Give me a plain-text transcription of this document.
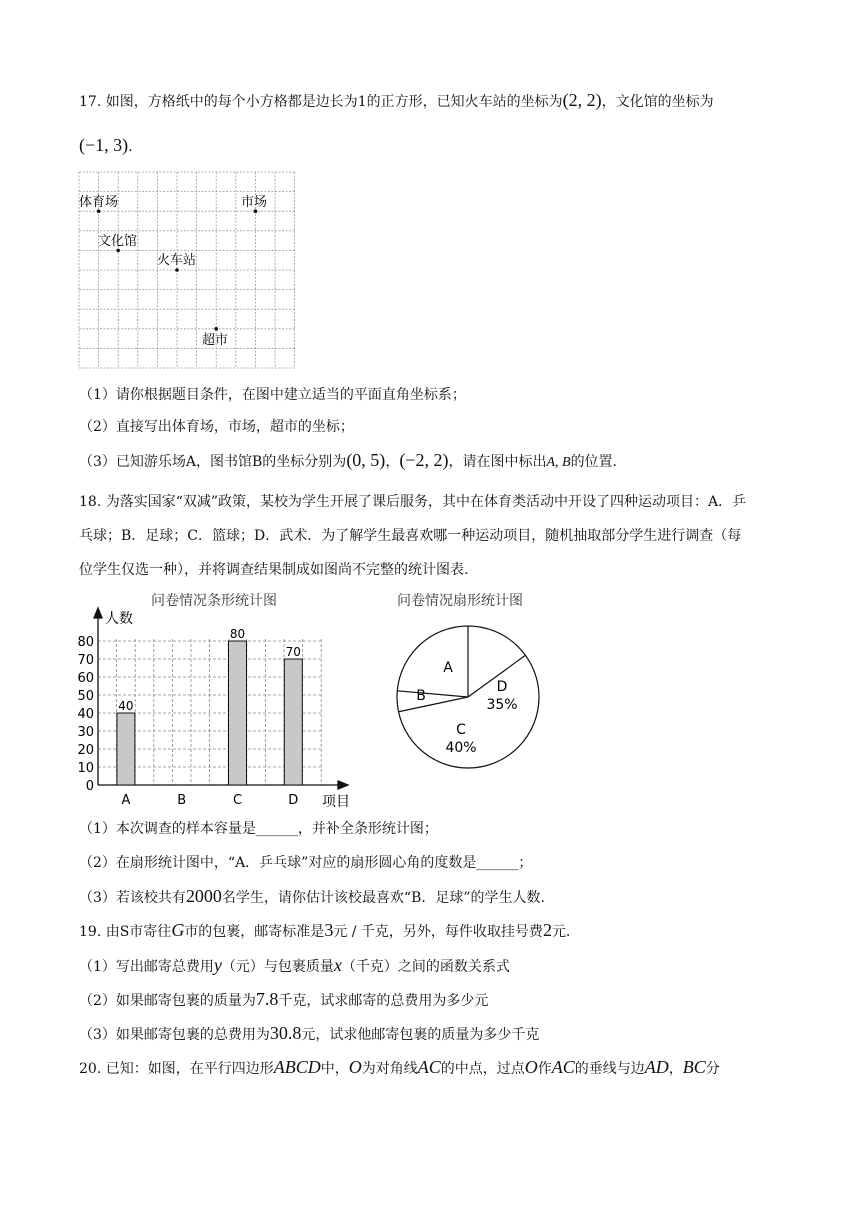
17. 如图，方格纸中的每个小方格都是边长为1的正方形，已知火车站的坐标为(2, 2)，文化馆的坐标为
(−1, 3).
体育场	市场
文化馆
火车站
超市
（1）请你根据题目条件，在图中建立适当的平面直角坐标系；
（2）直接写出体育场，市场，超市的坐标；
（3）已知游乐场A，图书馆B的坐标分别为(0, 5)，(−2, 2)，请在图中标出A, B的位置.
18. 为落实国家“双减”政策，某校为学生开展了课后服务，其中在体育类活动中开设了四种运动项目：A．乒
乓球；B．足球；C．篮球；D．武术．为了解学生最喜欢哪一种运动项目，随机抽取部分学生进行调查（每
位学生仅选一种），并将调查结果制成如图尚不完整的统计图表.
问卷情况条形统计图
0
10
20
30
40
50
60
70
80
A
40
B	C
80
D
70
人数
项目
问卷情况扇形统计图
A
B
C
40%
D
35%
（1）本次调查的样本容量是______，并补全条形统计图；
（2）在扇形统计图中，“A．乒乓球”对应的扇形圆心角的度数是______；
（3）若该校共有2000名学生，请你估计该校最喜欢“B．足球”的学生人数.
19. 由S市寄往G市的包裹，邮寄标准是3元 / 千克，另外，每件收取挂号费2元.
（1）写出邮寄总费用y（元）与包裹质量x（千克）之间的函数关系式
（2）如果邮寄包裹的质量为7.8千克，试求邮寄的总费用为多少元
（3）如果邮寄包裹的总费用为30.8元，试求他邮寄包裹的质量为多少千克
20. 已知：如图，在平行四边形ABCD中，O为对角线AC的中点，过点O作AC的垂线与边AD，BC分
